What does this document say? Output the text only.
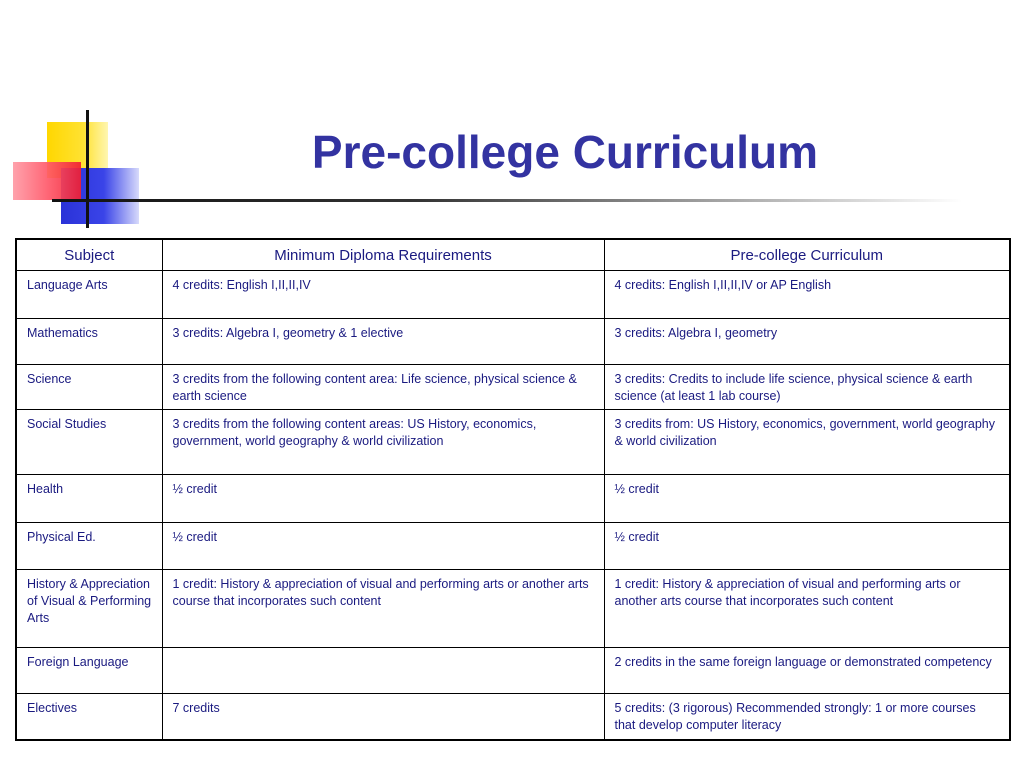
Pre-college Curriculum
Subject	Minimum Diploma Requirements	Pre-college Curriculum
Language Arts	4 credits: English I,II,II,IV	4 credits: English I,II,II,IV or AP English
Mathematics	3 credits: Algebra I, geometry & 1 elective	3 credits: Algebra I, geometry
Science	3 credits from the following content area: Life science, physical science & earth science	3 credits: Credits to include life science, physical science & earth science (at least 1 lab course)
Social Studies	3 credits from the following content areas: US History, economics, government, world geography & world civilization	3 credits from: US History, economics, government, world geography & world civilization
Health	½ credit	½ credit
Physical Ed.	½ credit	½ credit
History & Appreciation of Visual & Performing Arts	1 credit: History & appreciation of visual and performing arts or another arts course that incorporates such content	1 credit: History & appreciation of visual and performing arts or another arts course that incorporates such content
Foreign Language		2 credits in the same foreign language or demonstrated competency
Electives	7 credits	5 credits: (3 rigorous) Recommended strongly: 1 or more courses that develop computer literacy
